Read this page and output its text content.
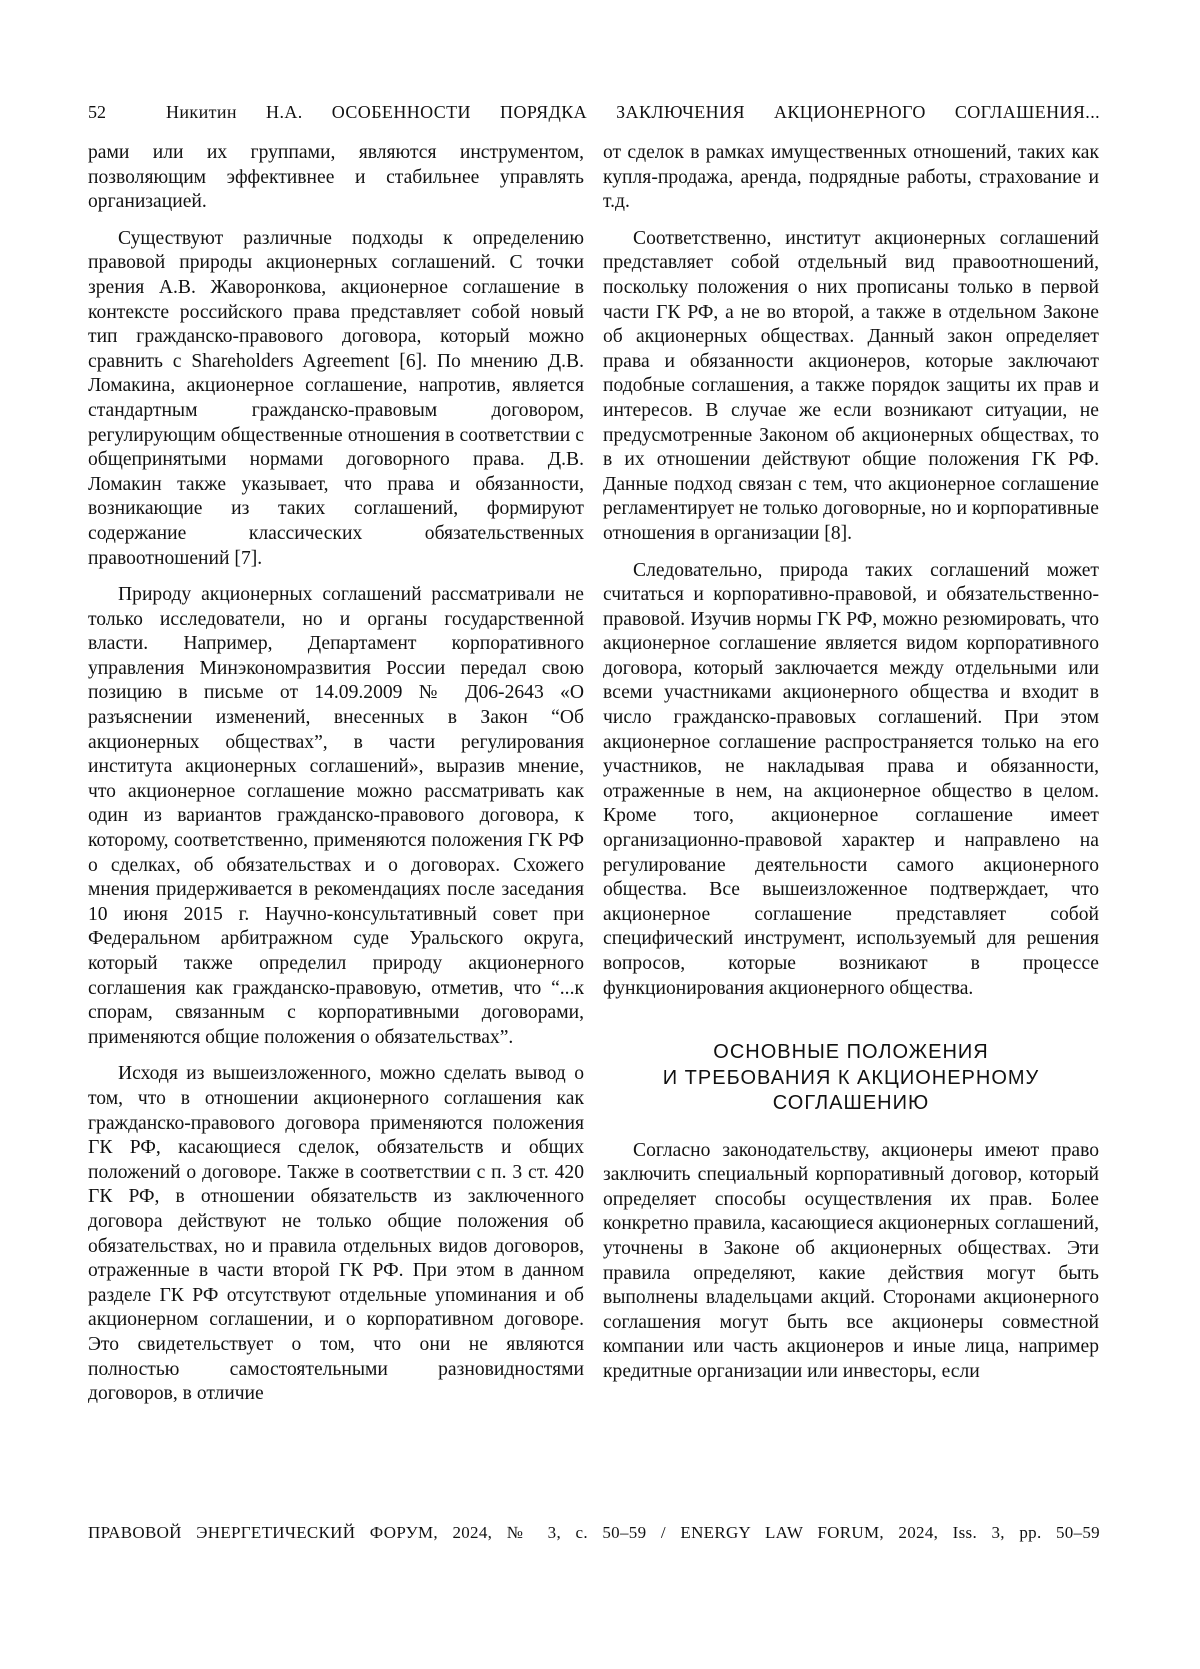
52	Никитин Н.А. ОСОБЕННОСТИ ПОРЯДКА ЗАКЛЮЧЕНИЯ АКЦИОНЕРНОГО СОГЛАШЕНИЯ...

рами или их группами, являются инструментом, позволяющим эффективнее и стабильнее управлять организацией.

Существуют различные подходы к определению правовой природы акционерных соглашений. С точки зрения А.В. Жаворонкова, акционерное соглашение в контексте российского права представляет собой новый тип гражданско-правового договора, который можно сравнить с Shareholders Agreement [6]. По мнению Д.В. Ломакина, акционерное соглашение, напротив, является стандартным гражданско-правовым договором, регулирующим общественные отношения в соответствии с общепринятыми нормами договорного права. Д.В. Ломакин также указывает, что права и обязанности, возникающие из таких соглашений, формируют содержание классических обязательственных правоотношений [7].

Природу акционерных соглашений рассматривали не только исследователи, но и органы государственной власти. Например, Департамент корпоративного управления Минэкономразвития России передал свою позицию в письме от 14.09.2009 № Д06-2643 «О разъяснении изменений, внесенных в Закон “Об акционерных обществах”, в части регулирования института акционерных соглашений», выразив мнение, что акционерное соглашение можно рассматривать как один из вариантов гражданско-правового договора, к которому, соответственно, применяются положения ГК РФ о сделках, об обязательствах и о договорах. Схожего мнения придерживается в рекомендациях после заседания 10 июня 2015 г. Научно-консультативный совет при Федеральном арбитражном суде Уральского округа, который также определил природу акционерного соглашения как гражданско-правовую, отметив, что “...к спорам, связанным с корпоративными договорами, применяются общие положения о обязательствах”.

Исходя из вышеизложенного, можно сделать вывод о том, что в отношении акционерного соглашения как гражданско-правового договора применяются положения ГК РФ, касающиеся сделок, обязательств и общих положений о договоре. Также в соответствии с п. 3 ст. 420 ГК РФ, в отношении обязательств из заключенного договора действуют не только общие положения об обязательствах, но и правила отдельных видов договоров, отраженные в части второй ГК РФ. При этом в данном разделе ГК РФ отсутствуют отдельные упоминания и об акционерном соглашении, и о корпоративном договоре. Это свидетельствует о том, что они не являются полностью самостоятельными разновидностями договоров, в отличие

от сделок в рамках имущественных отношений, таких как купля-продажа, аренда, подрядные работы, страхование и т.д.

Соответственно, институт акционерных соглашений представляет собой отдельный вид правоотношений, поскольку положения о них прописаны только в первой части ГК РФ, а не во второй, а также в отдельном Законе об акционерных обществах. Данный закон определяет права и обязанности акционеров, которые заключают подобные соглашения, а также порядок защиты их прав и интересов. В случае же если возникают ситуации, не предусмотренные Законом об акционерных обществах, то в их отношении действуют общие положения ГК РФ. Данные подход связан с тем, что акционерное соглашение регламентирует не только договорные, но и корпоративные отношения в организации [8].

Следовательно, природа таких соглашений может считаться и корпоративно-правовой, и обязательственно-правовой. Изучив нормы ГК РФ, можно резюмировать, что акционерное соглашение является видом корпоративного договора, который заключается между отдельными или всеми участниками акционерного общества и входит в число гражданско-правовых соглашений. При этом акционерное соглашение распространяется только на его участников, не накладывая права и обязанности, отраженные в нем, на акционерное общество в целом. Кроме того, акционерное соглашение имеет организационно-правовой характер и направлено на регулирование деятельности самого акционерного общества. Все вышеизложенное подтверждает, что акционерное соглашение представляет собой специфический инструмент, используемый для решения вопросов, которые возникают в процессе функционирования акционерного общества.

ОСНОВНЫЕ ПОЛОЖЕНИЯ
И ТРЕБОВАНИЯ К АКЦИОНЕРНОМУ
СОГЛАШЕНИЮ

Согласно законодательству, акционеры имеют право заключить специальный корпоративный договор, который определяет способы осуществления их прав. Более конкретно правила, касающиеся акционерных соглашений, уточнены в Законе об акционерных обществах. Эти правила определяют, какие действия могут быть выполнены владельцами акций. Сторонами акционерного соглашения могут быть все акционеры совместной компании или часть акционеров и иные лица, например кредитные организации или инвесторы, если

ПРАВОВОЙ ЭНЕРГЕТИЧЕСКИЙ ФОРУМ, 2024, № 3, с. 50–59 / ENERGY LAW FORUM, 2024, Iss. 3, pp. 50–59
